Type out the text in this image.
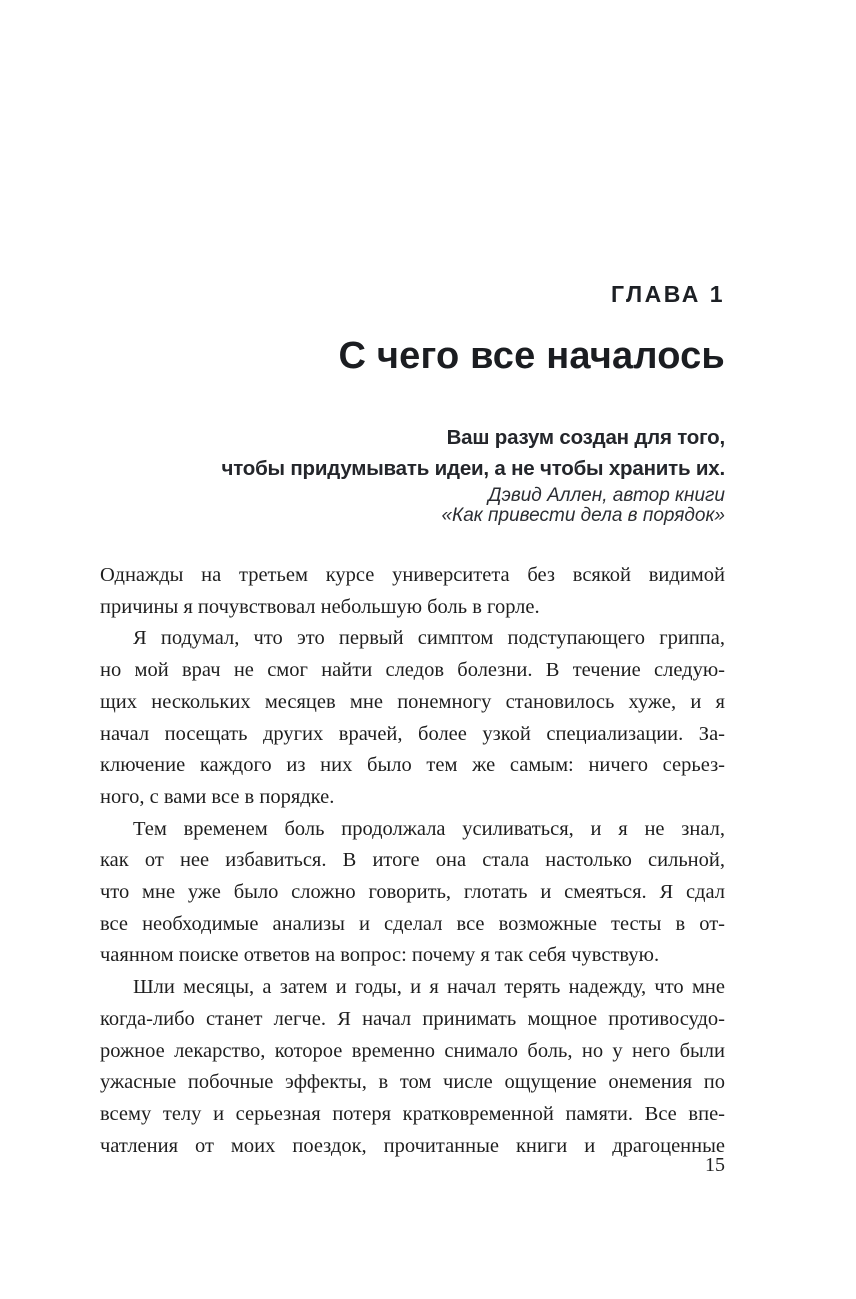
ГЛАВА 1
С чего все началось
Ваш разум создан для того,
чтобы придумывать идеи, а не чтобы хранить их.
Дэвид Аллен, автор книги
«Как привести дела в порядок»
Однажды на третьем курсе университета без всякой видимой
причины я почувствовал небольшую боль в горле.
Я подумал, что это первый симптом подступающего гриппа,
но мой врач не смог найти следов болезни. В течение следую-
щих нескольких месяцев мне понемногу становилось хуже, и я
начал посещать других врачей, более узкой специализации. За-
ключение каждого из них было тем же самым: ничего серьез-
ного, с вами все в порядке.
Тем временем боль продолжала усиливаться, и я не знал,
как от нее избавиться. В итоге она стала настолько сильной,
что мне уже было сложно говорить, глотать и смеяться. Я сдал
все необходимые анализы и сделал все возможные тесты в от-
чаянном поиске ответов на вопрос: почему я так себя чувствую.
Шли месяцы, а затем и годы, и я начал терять надежду, что мне
когда-либо станет легче. Я начал принимать мощное противосудо-
рожное лекарство, которое временно снимало боль, но у него были
ужасные побочные эффекты, в том числе ощущение онемения по
всему телу и серьезная потеря кратковременной памяти. Все впе-
чатления от моих поездок, прочитанные книги и драгоценные
15
